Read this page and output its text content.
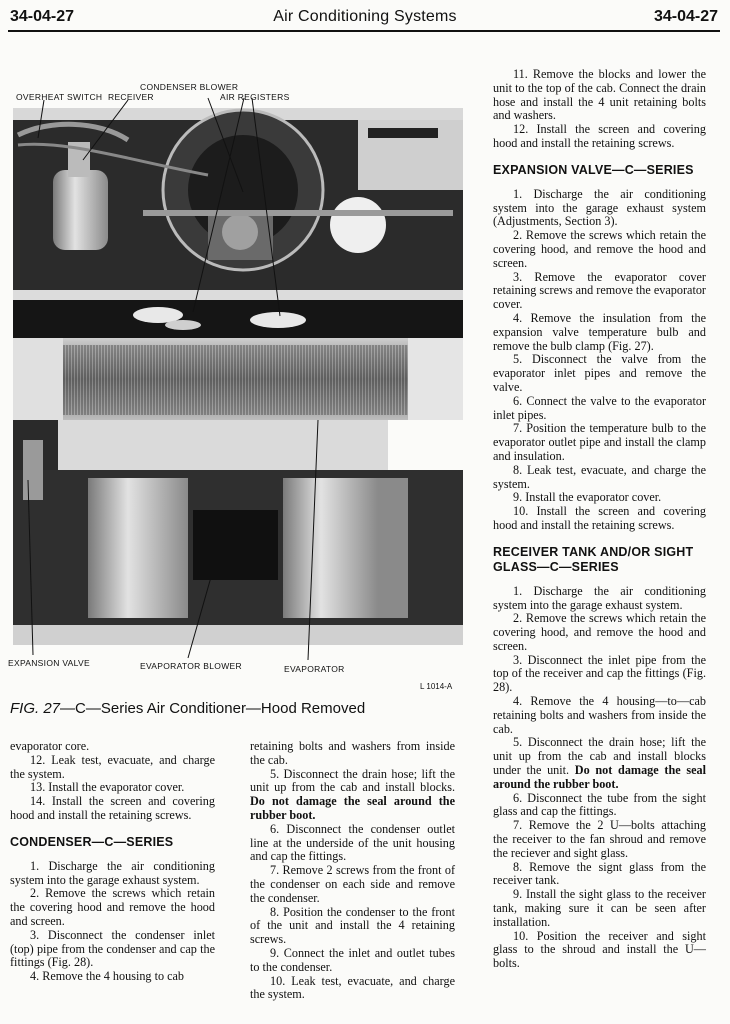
34-04-27	Air Conditioning Systems	34-04-27
OVERHEAT SWITCH RECEIVER
CONDENSER BLOWER
AIR REGISTERS
EXPANSION VALVE	EVAPORATOR BLOWER	EVAPORATOR
L 1014-A
FIG. 27—C—Series Air Conditioner—Hood Removed

evaporator core.

12. Leak test, evacuate, and charge the system.

13. Install the evaporator cover.

14. Install the screen and covering hood and install the retaining screws.

CONDENSER—C—SERIES

1. Discharge the air conditioning system into the garage exhaust system.

2. Remove the screws which retain the covering hood and remove the hood and screen.

3. Disconnect the condenser inlet (top) pipe from the condenser and cap the fittings (Fig. 28).

4. Remove the 4 housing to cab

retaining bolts and washers from inside the cab.

5. Disconnect the drain hose; lift the unit up from the cab and install blocks. Do not damage the seal around the rubber boot.

6. Disconnect the condenser outlet line at the underside of the unit housing and cap the fittings.

7. Remove 2 screws from the front of the condenser on each side and remove the condenser.

8. Position the condenser to the front of the unit and install the 4 retaining screws.

9. Connect the inlet and outlet tubes to the condenser.

10. Leak test, evacuate, and charge the system.

11. Remove the blocks and lower the unit to the top of the cab. Connect the drain hose and install the 4 unit retaining bolts and washers.

12. Install the screen and covering hood and install the retaining screws.

EXPANSION VALVE—C—SERIES

1. Discharge the air conditioning system into the garage exhaust system (Adjustments, Section 3).

2. Remove the screws which retain the covering hood, and remove the hood and screen.

3. Remove the evaporator cover retaining screws and remove the evaporator cover.

4. Remove the insulation from the expansion valve temperature bulb and remove the bulb clamp (Fig. 27).

5. Disconnect the valve from the evaporator inlet pipes and remove the valve.

6. Connect the valve to the evaporator inlet pipes.

7. Position the temperature bulb to the evaporator outlet pipe and install the clamp and insulation.

8. Leak test, evacuate, and charge the system.

9. Install the evaporator cover.

10. Install the screen and covering hood and install the retaining screws.

RECEIVER TANK AND/OR SIGHT GLASS—C—SERIES

1. Discharge the air conditioning system into the garage exhaust system.

2. Remove the screws which retain the covering hood, and remove the hood and screen.

3. Disconnect the inlet pipe from the top of the receiver and cap the fittings (Fig. 28).

4. Remove the 4 housing—to—cab retaining bolts and washers from inside the cab.

5. Disconnect the drain hose; lift the unit up from the cab and install blocks under the unit. Do not damage the seal around the rubber boot.

6. Disconnect the tube from the sight glass and cap the fittings.

7. Remove the 2 U—bolts attaching the receiver to the fan shroud and remove the reciever and sight glass.

8. Remove the signt glass from the receiver tank.

9. Install the sight glass to the receiver tank, making sure it can be seen after installation.

10. Position the receiver and sight glass to the shroud and install the U—bolts.
